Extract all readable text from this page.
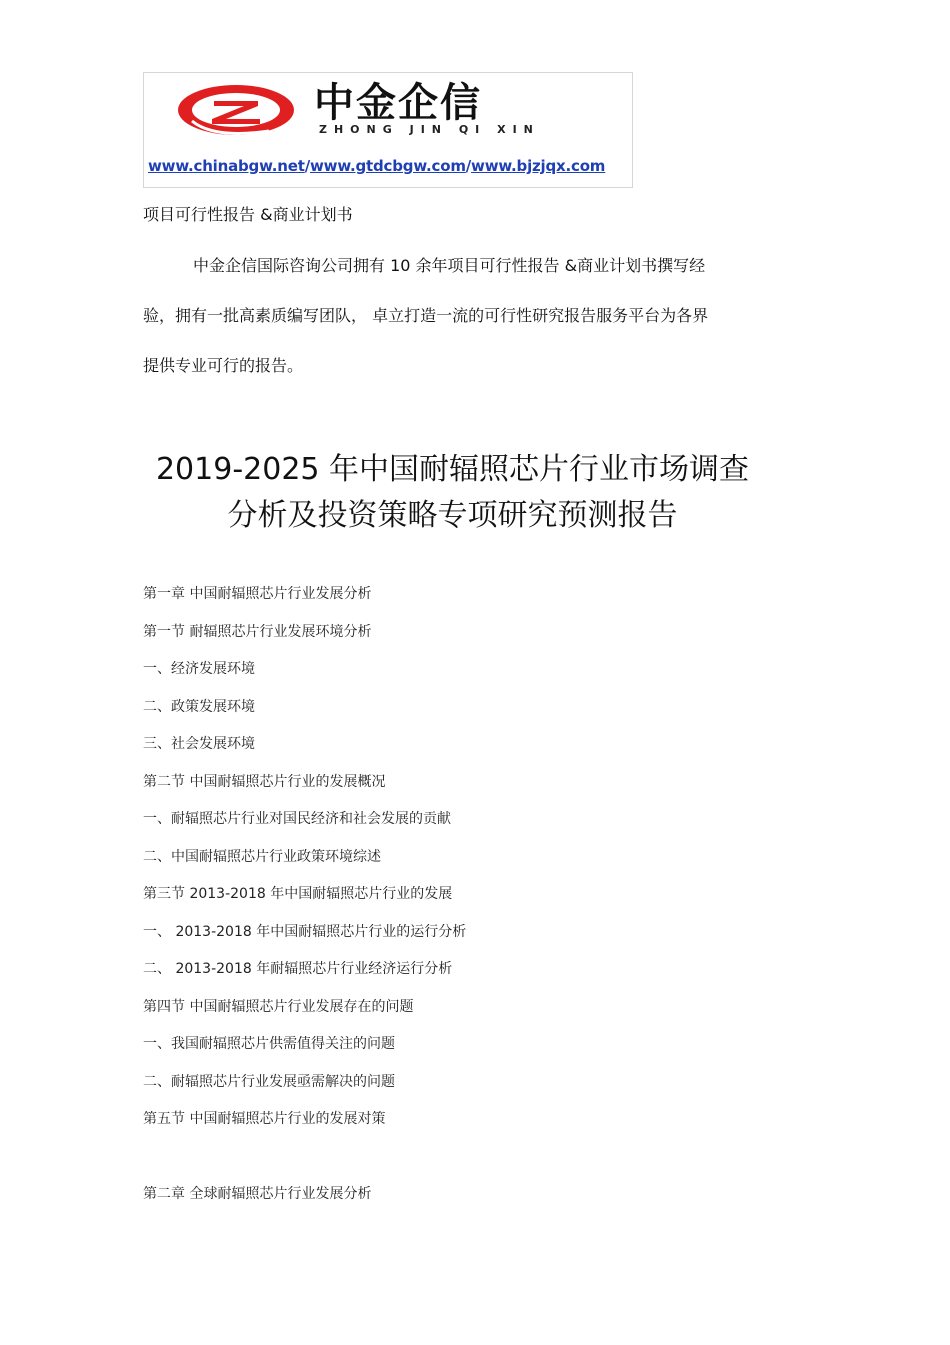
中金企信
ZHONG JIN QI XIN
www.chinabgw.net/www.gtdcbgw.com/www.bjzjqx.com
项目可行性报告 &商业计划书
中金企信国际咨询公司拥有 10 余年项目可行性报告 &商业计划书撰写经
验，拥有一批高素质编写团队， 卓立打造一流的可行性研究报告服务平台为各界
提供专业可行的报告。
2019-2025 年中国耐辐照芯片行业市场调查
分析及投资策略专项研究预测报告
第一章 中国耐辐照芯片行业发展分析
第一节 耐辐照芯片行业发展环境分析
一、经济发展环境
二、政策发展环境
三、社会发展环境
第二节 中国耐辐照芯片行业的发展概况
一、耐辐照芯片行业对国民经济和社会发展的贡献
二、中国耐辐照芯片行业政策环境综述
第三节 2013-2018 年中国耐辐照芯片行业的发展
一、 2013-2018 年中国耐辐照芯片行业的运行分析
二、 2013-2018 年耐辐照芯片行业经济运行分析
第四节 中国耐辐照芯片行业发展存在的问题
一、我国耐辐照芯片供需值得关注的问题
二、耐辐照芯片行业发展亟需解决的问题
第五节 中国耐辐照芯片行业的发展对策
第二章 全球耐辐照芯片行业发展分析
